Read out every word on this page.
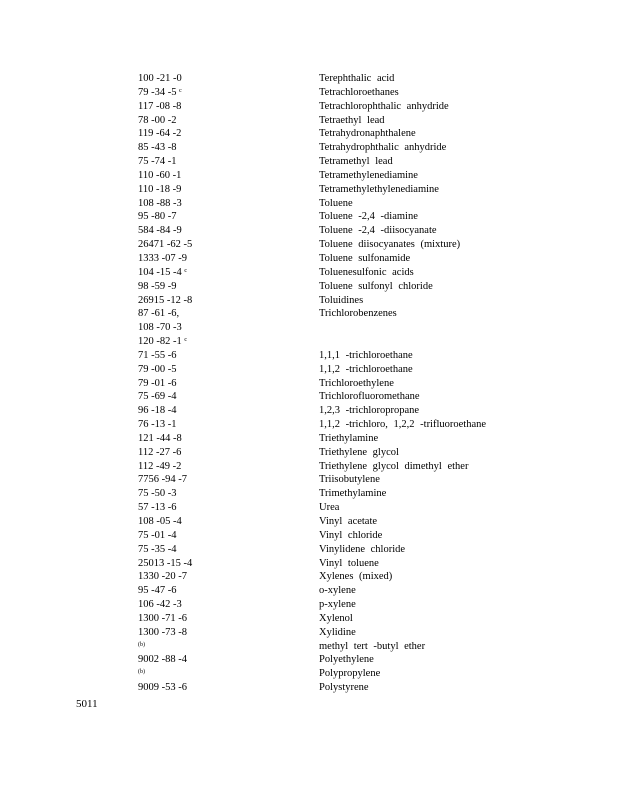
100 -21 -0	Terephthalic acid
79 -34 -5 ᶜ	Tetrachloroethanes
117 -08 -8	Tetrachlorophthalic anhydride
78 -00 -2	Tetraethyl lead
119 -64 -2	Tetrahydronaphthalene
85 -43 -8	Tetrahydrophthalic anhydride
75 -74 -1	Tetramethyl lead
110 -60 -1	Tetramethylenediamine
110 -18 -9	Tetramethylethylenediamine
108 -88 -3	Toluene
95 -80 -7	Toluene -2,4 -diamine
584 -84 -9	Toluene -2,4 -diisocyanate
26471 -62 -5	Toluene diisocyanates (mixture)
1333 -07 -9	Toluene sulfonamide
104 -15 -4 ᶜ	Toluenesulfonic acids
98 -59 -9	Toluene sulfonyl chloride
26915 -12 -8	Toluidines
87 -61 -6,	Trichlorobenzenes
108 -70 -3
120 -82 -1 ᶜ
71 -55 -6	1,1,1 -trichloroethane
79 -00 -5	1,1,2 -trichloroethane
79 -01 -6	Trichloroethylene
75 -69 -4	Trichlorofluoromethane
96 -18 -4	1,2,3 -trichloropropane
76 -13 -1	1,1,2 -trichloro, 1,2,2 -trifluoroethane
121 -44 -8	Triethylamine
112 -27 -6	Triethylene glycol
112 -49 -2	Triethylene glycol dimethyl ether
7756 -94 -7	Triisobutylene
75 -50 -3	Trimethylamine
57 -13 -6	Urea
108 -05 -4	Vinyl acetate
75 -01 -4	Vinyl chloride
75 -35 -4	Vinylidene chloride
25013 -15 -4	Vinyl toluene
1330 -20 -7	Xylenes (mixed)
95 -47 -6	o-xylene
106 -42 -3	p-xylene
1300 -71 -6	Xylenol
1300 -73 -8	Xylidine
(b)	methyl tert -butyl ether
9002 -88 -4	Polyethylene
(b)	Polypropylene
9009 -53 -6	Polystyrene
5011
